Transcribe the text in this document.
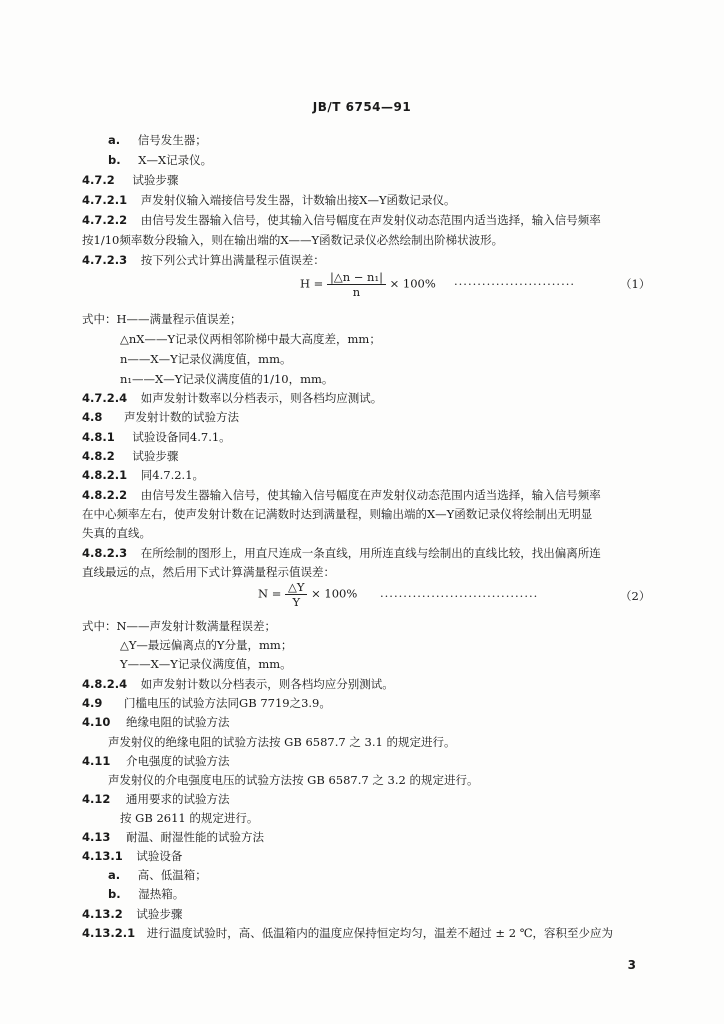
JB/T 6754—91
a. 信号发生器；
b. X—X记录仪。
4.7.2 试验步骤
4.7.2.1 声发射仪输入端接信号发生器，计数输出接X—Y函数记录仪。
4.7.2.2 由信号发生器输入信号，使其输入信号幅度在声发射仪动态范围内适当选择，输入信号频率
按1/10频率数分段输入，则在输出端的X——Y函数记录仪必然绘制出阶梯状波形。
4.7.2.3 按下列公式计算出满量程示值误差：
$H = \frac{\text{|△n − n₁|}}{n} \times 100\%$ ··························	（1）
式中：H——满量程示值误差；
△nX——Y记录仪两相邻阶梯中最大高度差，mm；
n——X—Y记录仪满度值，mm。
n₁——X—Y记录仪满度值的1/10，mm。
4.7.2.4 如声发射计数率以分档表示，则各档均应测试。
4.8 声发射计数的试验方法
4.8.1 试验设备同4.7.1。
4.8.2 试验步骤
4.8.2.1 同4.7.2.1。
4.8.2.2 由信号发生器输入信号，使其输入信号幅度在声发射仪动态范围内适当选择，输入信号频率
在中心频率左右，使声发射计数在记满数时达到满量程，则输出端的X—Y函数记录仪将绘制出无明显
失真的直线。
4.8.2.3 在所绘制的图形上，用直尺连成一条直线，用所连直线与绘制出的直线比较，找出偏离所连
直线最远的点，然后用下式计算满量程示值误差：
$N = \frac{\triangle Y}{Y} \times 100\%$ ··································	（2）
式中：N——声发射计数满量程误差；
△Y—最远偏离点的Y分量，mm；
Y——X—Y记录仪满度值，mm。
4.8.2.4 如声发射计数以分档表示，则各档均应分别测试。
4.9 门槛电压的试验方法同GB 7719之3.9。
4.10 绝缘电阻的试验方法
声发射仪的绝缘电阻的试验方法按 GB 6587.7 之 3.1 的规定进行。
4.11 介电强度的试验方法
声发射仪的介电强度电压的试验方法按 GB 6587.7 之 3.2 的规定进行。
4.12 通用要求的试验方法
按 GB 2611 的规定进行。
4.13 耐温、耐湿性能的试验方法
4.13.1 试验设备
a. 高、低温箱；
b. 湿热箱。
4.13.2 试验步骤
4.13.2.1 进行温度试验时，高、低温箱内的温度应保持恒定均匀，温差不超过 ± 2 ℃，容积至少应为
3
